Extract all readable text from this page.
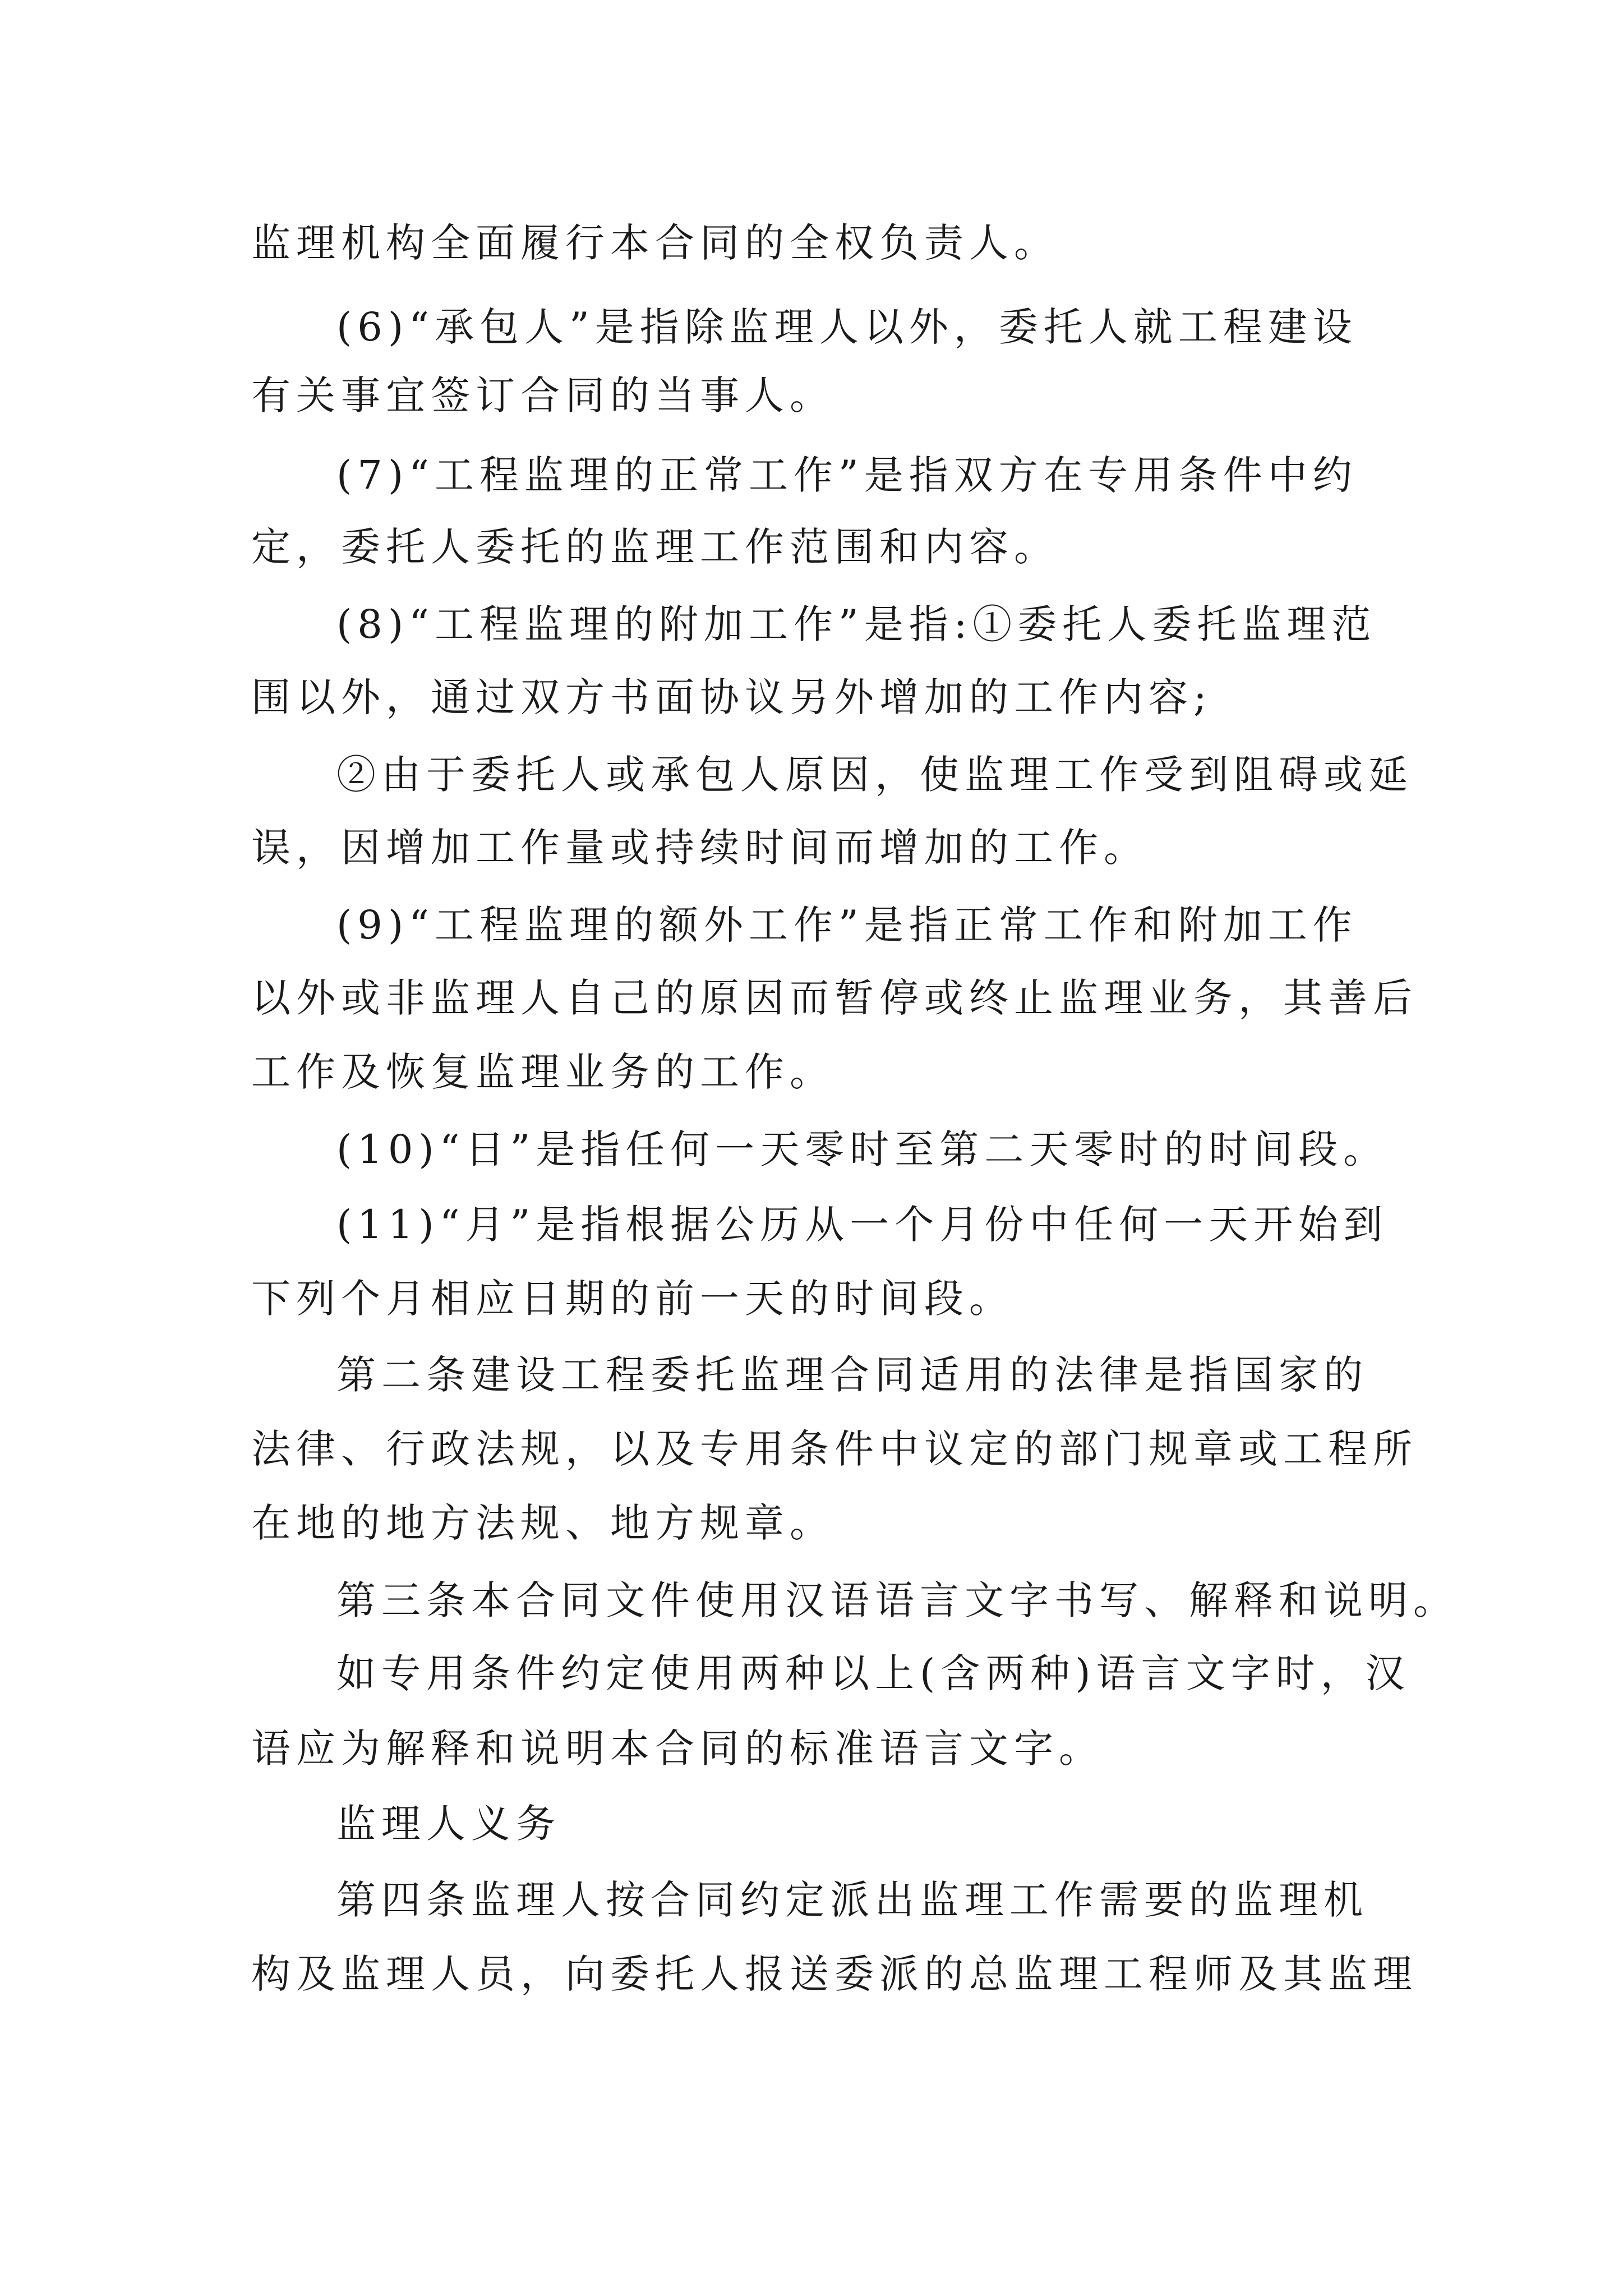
监理机构全面履行本合同的全权负责人。
(6)“承包人”是指除监理人以外，委托人就工程建设
有关事宜签订合同的当事人。
(7)“工程监理的正常工作”是指双方在专用条件中约
定，委托人委托的监理工作范围和内容。
(8)“工程监理的附加工作”是指:①委托人委托监理范
围以外，通过双方书面协议另外增加的工作内容;
②由于委托人或承包人原因，使监理工作受到阻碍或延
误，因增加工作量或持续时间而增加的工作。
(9)“工程监理的额外工作”是指正常工作和附加工作
以外或非监理人自己的原因而暂停或终止监理业务，其善后
工作及恢复监理业务的工作。
(10)“日”是指任何一天零时至第二天零时的时间段。
(11)“月”是指根据公历从一个月份中任何一天开始到
下列个月相应日期的前一天的时间段。
第二条建设工程委托监理合同适用的法律是指国家的
法律、行政法规，以及专用条件中议定的部门规章或工程所
在地的地方法规、地方规章。
第三条本合同文件使用汉语语言文字书写、解释和说明。
如专用条件约定使用两种以上(含两种)语言文字时，汉
语应为解释和说明本合同的标准语言文字。
监理人义务
第四条监理人按合同约定派出监理工作需要的监理机
构及监理人员，向委托人报送委派的总监理工程师及其监理
